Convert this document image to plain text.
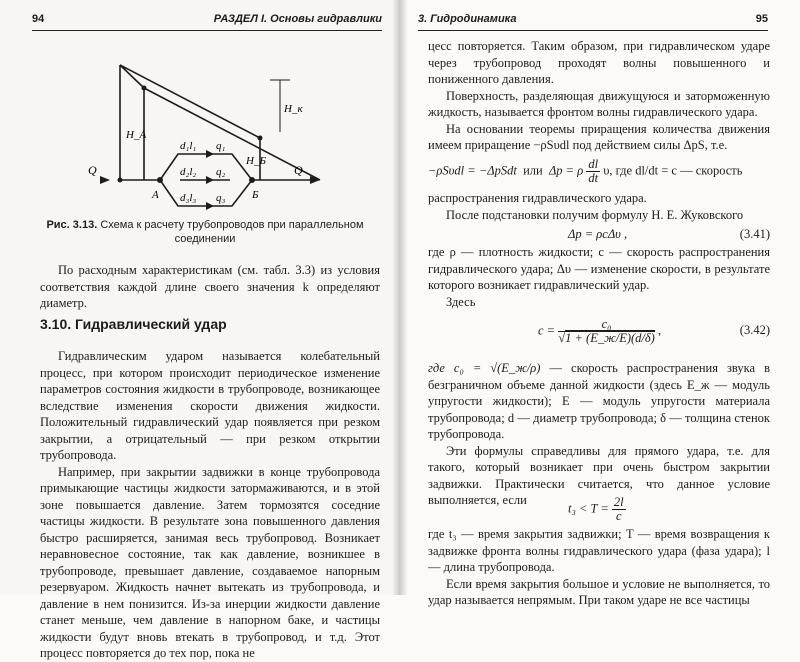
94	РАЗДЕЛ I. Основы гидравлики
Q	Q
А	Б
H_A
H_Б
H_к
d₁l₁ q₁
d₂l₂ q₂
d₃l₃ q₃
Рис. 3.13. Схема к расчету трубопроводов при параллельном соединении

По расходным характеристикам (см. табл. 3.3) из условия соответствия каждой длине своего значения k определяют диаметр.

3.10. Гидравлический удар

Гидравлическим ударом называется колебательный процесс, при котором происходит периодическое изменение параметров состояния жидкости в трубопроводе, возникающее вследствие изменения скорости движения жидкости. Положительный гидравлический удар появляется при резком закрытии, а отрицательный — при резком открытии трубопровода.

Например, при закрытии задвижки в конце трубопровода примыкающие частицы жидкости затормаживаются, и в этой зоне повышается давление. Затем тормозятся соседние частицы жидкости. В результате зона повышенного давления быстро расширяется, занимая весь трубопровод. Возникает неравновесное состояние, так как давление, возникшее в трубопроводе, превышает давление, создаваемое напорным резервуаром. Жидкость начнет вытекать из трубопровода, и давление в нем понизится. Из-за инерции жидкости давление станет меньше, чем давление в напорном баке, и частицы жидкости будут вновь втекать в трубопровод, и т.д. Этот процесс повторяется до тех пор, пока не

3. Гидродинамика	95

цесс повторяется. Таким образом, при гидравлическом ударе через трубопровод проходят волны повышенного и пониженного давления.

Поверхность, разделяющая движущуюся и заторможенную жидкость, называется фронтом волны гидравлического удара.

На основании теоремы приращения количества движения имеем приращение −ρSυdl под действием силы ΔpS, т.е.

−ρSυdl = −ΔpSdt или Δp = ρ $\frac{dl}{dt} \upsilon$, где dl/dt = c — скорость

распространения гидравлического удара.

После подстановки получим формулу Н. Е. Жуковского

Δp = ρcΔυ ,	(3.41)

где ρ — плотность жидкости; c — скорость распространения гидравлического удара; Δυ — изменение скорости, в результате которого возникает гидравлический удар.

Здесь

$c = \frac{\text{c₀}}{√1 + (E\_ж/E)(d/\delta)}$ ,	(3.42)

где c₀ = √(E_ж/ρ) — скорость распространения звука в безграничном объеме данной жидкости (здесь E_ж — модуль упругости жидкости); E — модуль упругости материала трубопровода; d — диаметр трубопровода; δ — толщина стенок трубопровода.

Эти формулы справедливы для прямого удара, т.е. для такого, который возникает при очень быстром закрытии задвижки. Практически считается, что данное условие выполняется, если

$t_3 < T = \frac{2l}{c}$

где t₃ — время закрытия задвижки; T — время возвращения к задвижке фронта волны гидравлического удара (фаза удара); l — длина трубопровода.

Если время закрытия большое и условие не выполняется, то удар называется непрямым. При таком ударе не все частицы
